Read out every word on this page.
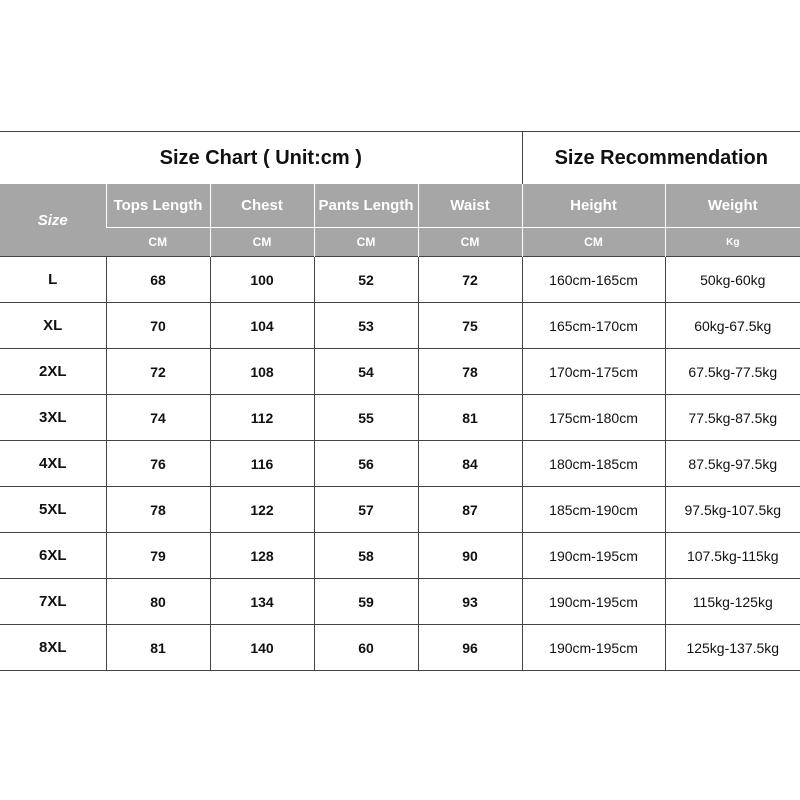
Size Chart ( Unit:cm )					Size Recommendation	
Size	Tops Length	Chest	Pants Length	Waist	Height	Weight
	CM	CM	CM	CM	CM	Kg
L	68	100	52	72	160cm-165cm	50kg-60kg
XL	70	104	53	75	165cm-170cm	60kg-67.5kg
2XL	72	108	54	78	170cm-175cm	67.5kg-77.5kg
3XL	74	112	55	81	175cm-180cm	77.5kg-87.5kg
4XL	76	116	56	84	180cm-185cm	87.5kg-97.5kg
5XL	78	122	57	87	185cm-190cm	97.5kg-107.5kg
6XL	79	128	58	90	190cm-195cm	107.5kg-115kg
7XL	80	134	59	93	190cm-195cm	115kg-125kg
8XL	81	140	60	96	190cm-195cm	125kg-137.5kg
